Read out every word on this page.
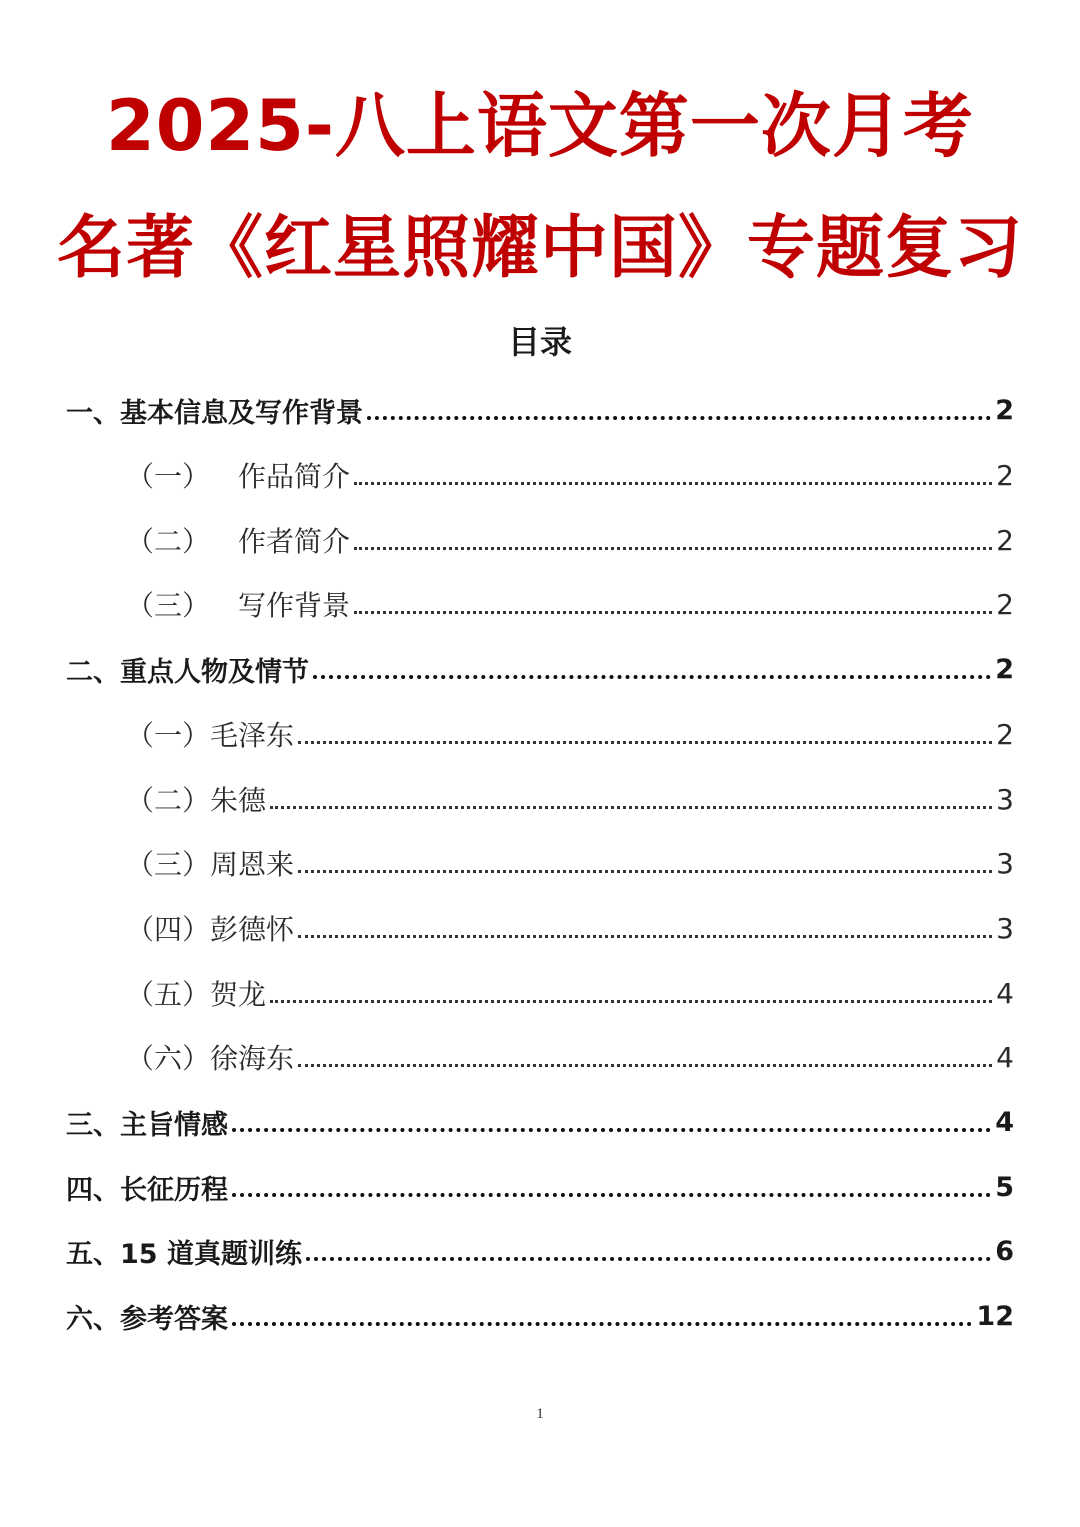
2025-八上语文第一次月考
名著《红星照耀中国》专题复习
目录
一、基本信息及写作背景	2
（一） 作品简介	2
（二） 作者简介	2
（三） 写作背景	2
二、重点人物及情节	2
（一）毛泽东	2
（二）朱德	3
（三）周恩来	3
（四）彭德怀	3
（五）贺龙	4
（六）徐海东	4
三、主旨情感	4
四、长征历程	5
五、15 道真题训练	6
六、参考答案	12
1
